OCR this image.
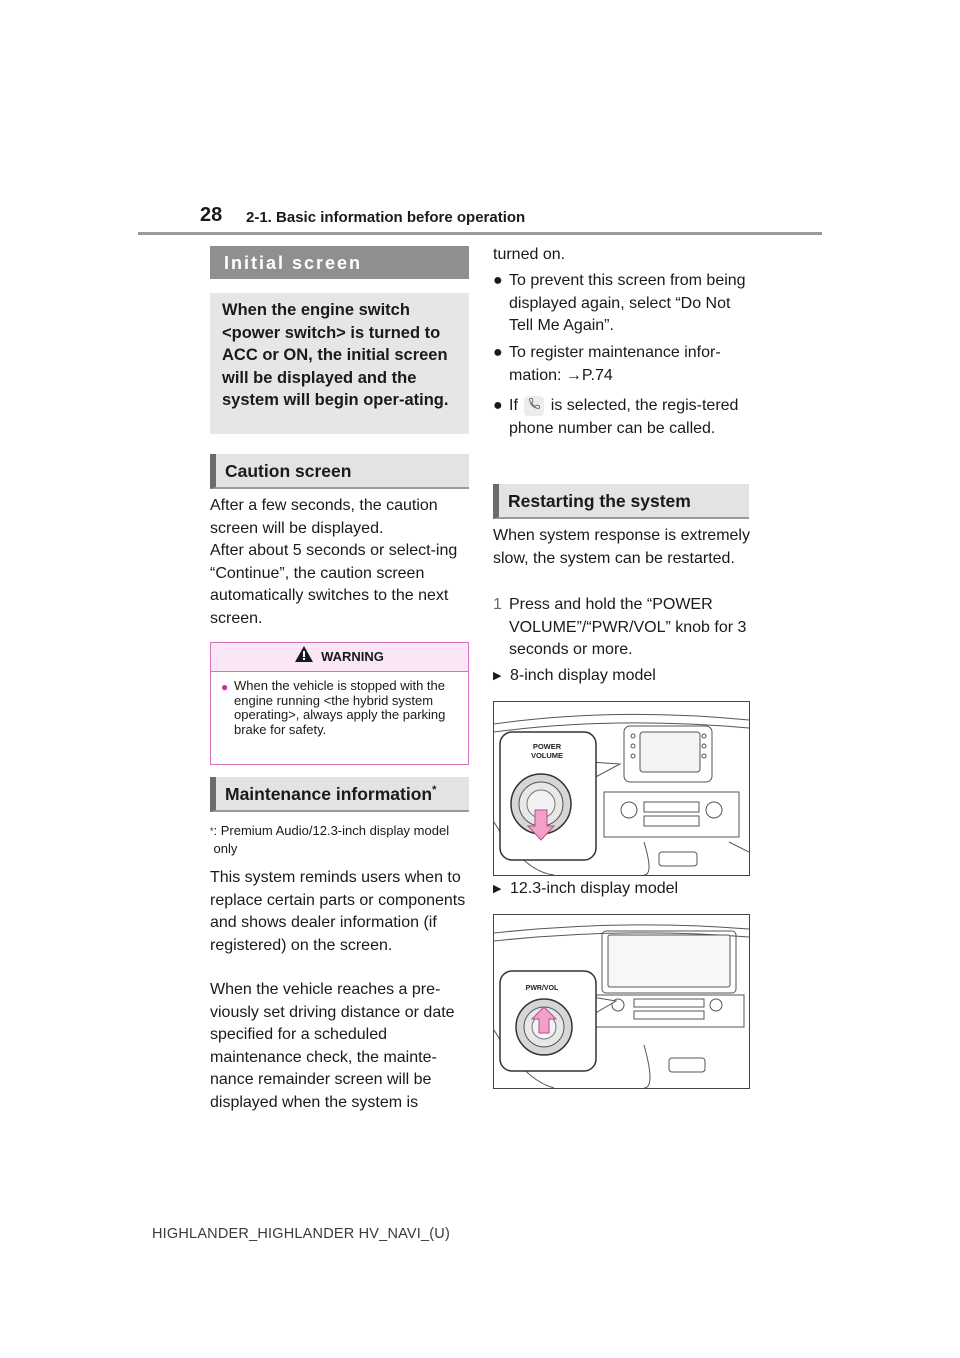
28 2-1. Basic information before operation
Initial screen
When the engine switch <power switch> is turned to ACC or ON, the initial screen will be displayed and the system will begin oper-ating.
Caution screen
After a few seconds, the caution screen will be displayed.
After about 5 seconds or select-ing “Continue”, the caution screen automatically switches to the next screen.
WARNING
● When the vehicle is stopped with the engine running <the hybrid system operating>, always apply the parking brake for safety.
Maintenance information*
*: Premium Audio/12.3-inch display model only
This system reminds users when to replace certain parts or components and shows dealer information (if registered) on the screen.
When the vehicle reaches a pre-viously set driving distance or date specified for a scheduled maintenance check, the mainte-nance remainder screen will be displayed when the system is
turned on.
● To prevent this screen from being displayed again, select “Do Not Tell Me Again”.
● To register maintenance infor-mation: →P.74
● If is selected, the regis-tered phone number can be called.
Restarting the system
When system response is extremely slow, the system can be restarted.
1 Press and hold the “POWER VOLUME”/“PWR/VOL” knob for 3 seconds or more.
▶ 8-inch display model
POWER
VOLUME
▶ 12.3-inch display model
PWR/VOL
HIGHLANDER_HIGHLANDER HV_NAVI_(U)
